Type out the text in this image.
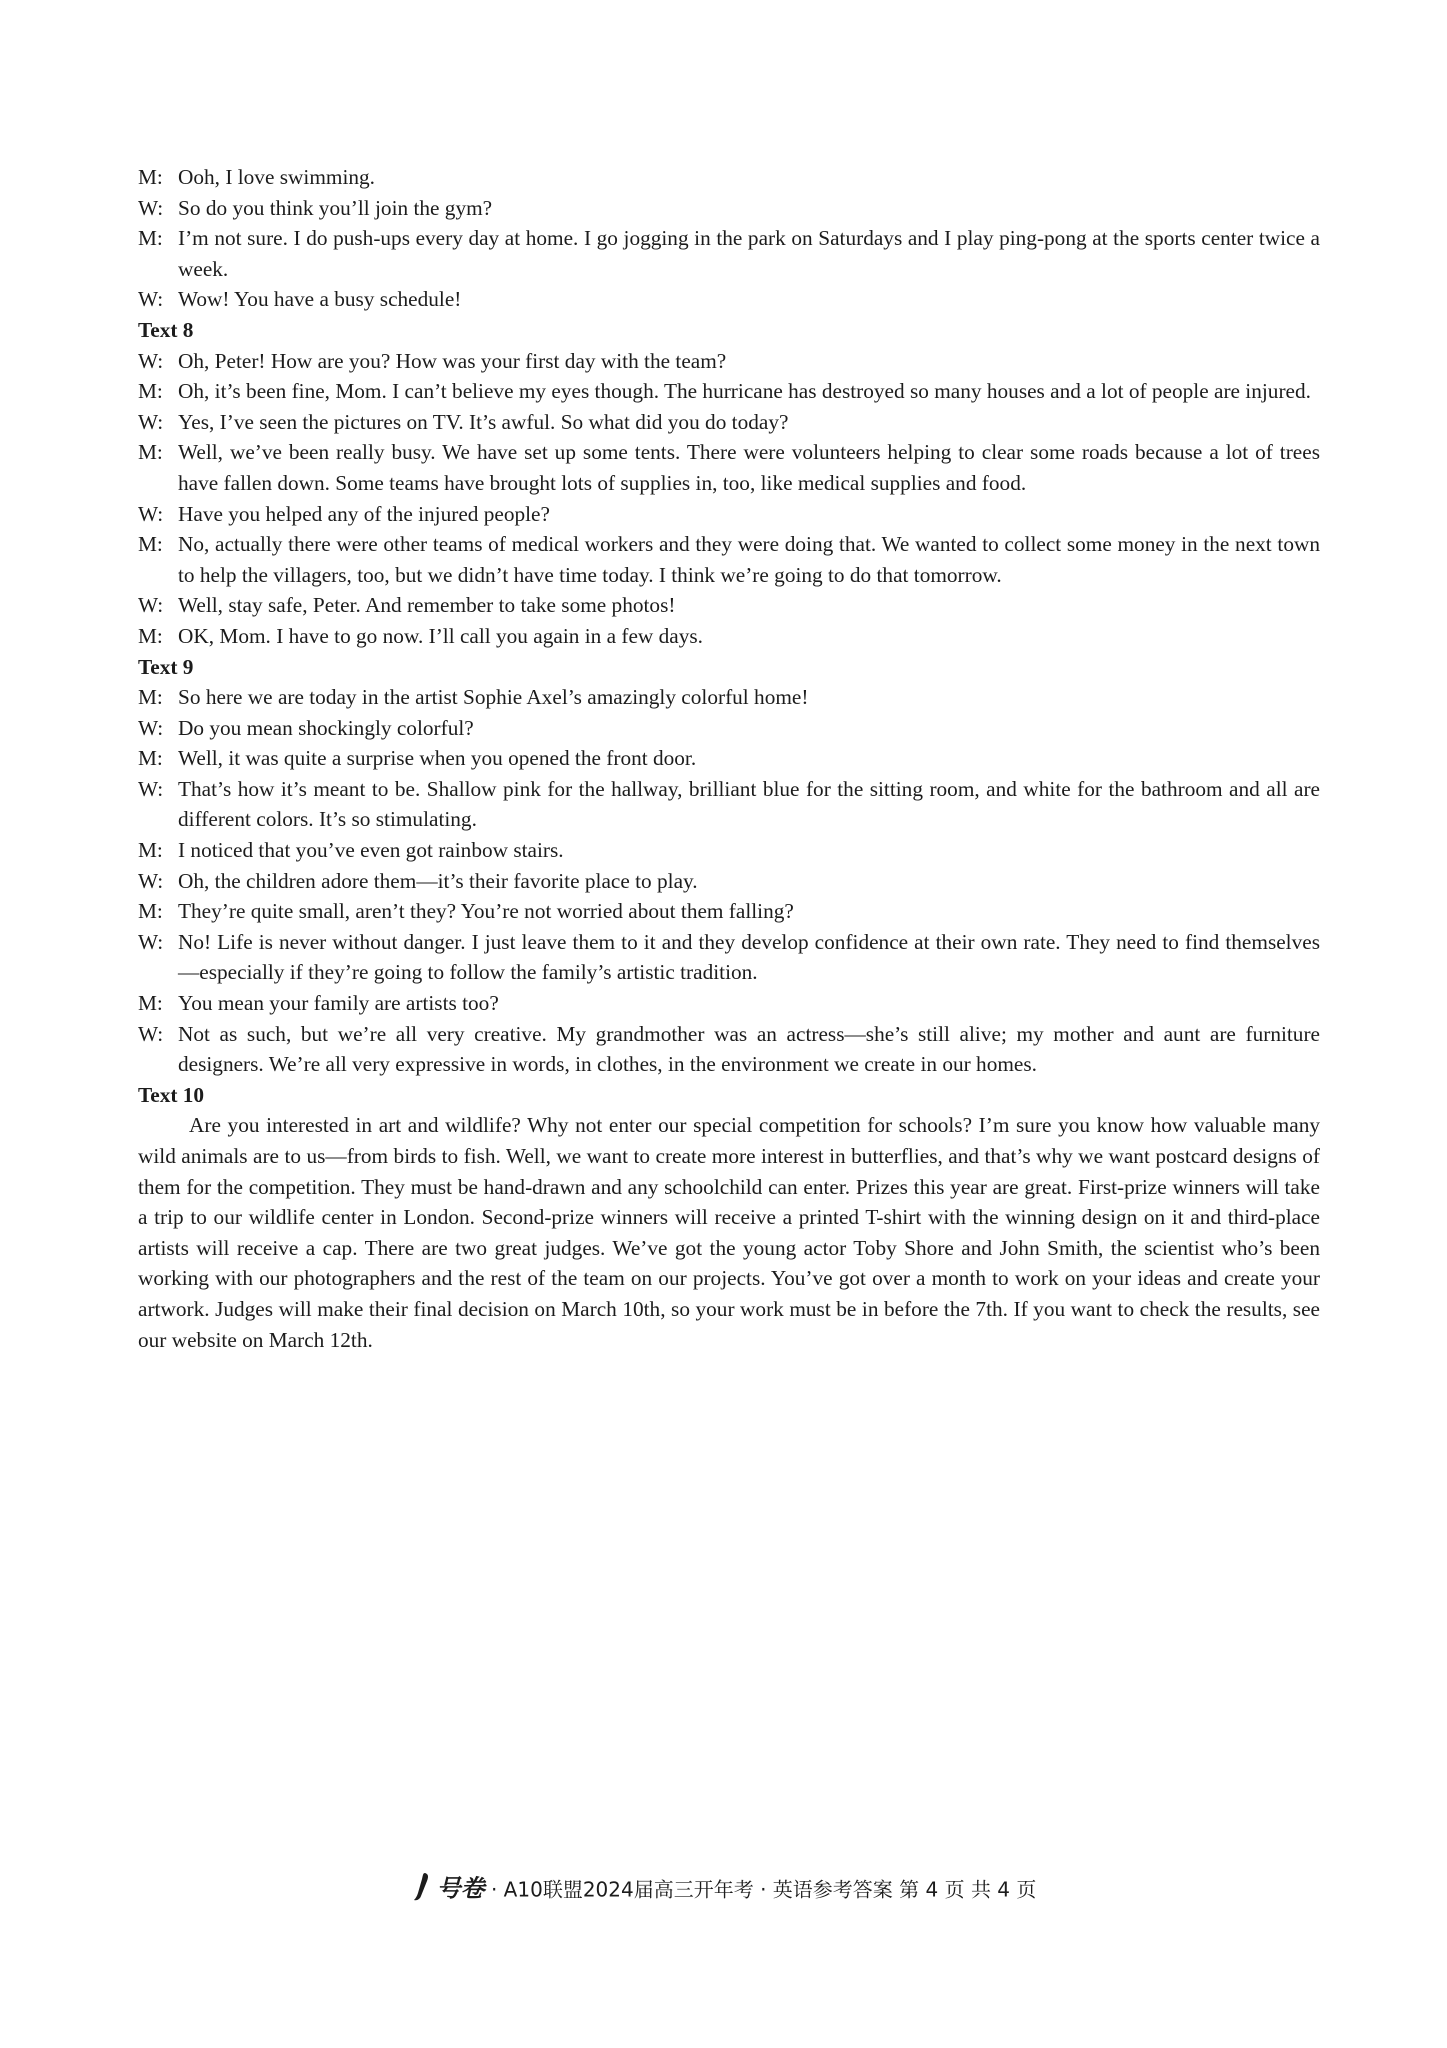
M: Ooh, I love swimming.
W: So do you think you’ll join the gym?
M: I’m not sure. I do push-ups every day at home. I go jogging in the park on Saturdays and I play ping-pong at the sports center twice a week.
W: Wow! You have a busy schedule!
Text 8
W: Oh, Peter! How are you? How was your first day with the team?
M: Oh, it’s been fine, Mom. I can’t believe my eyes though. The hurricane has destroyed so many houses and a lot of people are injured.
W: Yes, I’ve seen the pictures on TV. It’s awful. So what did you do today?
M: Well, we’ve been really busy. We have set up some tents. There were volunteers helping to clear some roads because a lot of trees have fallen down. Some teams have brought lots of supplies in, too, like medical supplies and food.
W: Have you helped any of the injured people?
M: No, actually there were other teams of medical workers and they were doing that. We wanted to collect some money in the next town to help the villagers, too, but we didn’t have time today. I think we’re going to do that tomorrow.
W: Well, stay safe, Peter. And remember to take some photos!
M: OK, Mom. I have to go now. I’ll call you again in a few days.
Text 9
M: So here we are today in the artist Sophie Axel’s amazingly colorful home!
W: Do you mean shockingly colorful?
M: Well, it was quite a surprise when you opened the front door.
W: That’s how it’s meant to be. Shallow pink for the hallway, brilliant blue for the sitting room, and white for the bathroom and all are different colors. It’s so stimulating.
M: I noticed that you’ve even got rainbow stairs.
W: Oh, the children adore them—it’s their favorite place to play.
M: They’re quite small, aren’t they? You’re not worried about them falling?
W: No! Life is never without danger. I just leave them to it and they develop confidence at their own rate. They need to find themselves—especially if they’re going to follow the family’s artistic tradition.
M: You mean your family are artists too?
W: Not as such, but we’re all very creative. My grandmother was an actress—she’s still alive; my mother and aunt are furniture designers. We’re all very expressive in words, in clothes, in the environment we create in our homes.
Text 10
Are you interested in art and wildlife? Why not enter our special competition for schools? I’m sure you know how valuable many wild animals are to us—from birds to fish. Well, we want to create more interest in butterflies, and that’s why we want postcard designs of them for the competition. They must be hand-drawn and any schoolchild can enter. Prizes this year are great. First-prize winners will take a trip to our wildlife center in London. Second-prize winners will receive a printed T-shirt with the winning design on it and third-place artists will receive a cap. There are two great judges. We’ve got the young actor Toby Shore and John Smith, the scientist who’s been working with our photographers and the rest of the team on our projects. You’ve got over a month to work on your ideas and create your artwork. Judges will make their final decision on March 10th, so your work must be in before the 7th. If you want to check the results, see our website on March 12th.
号卷 · A10联盟2024届高三开年考 · 英语参考答案 第 4 页 共 4 页
